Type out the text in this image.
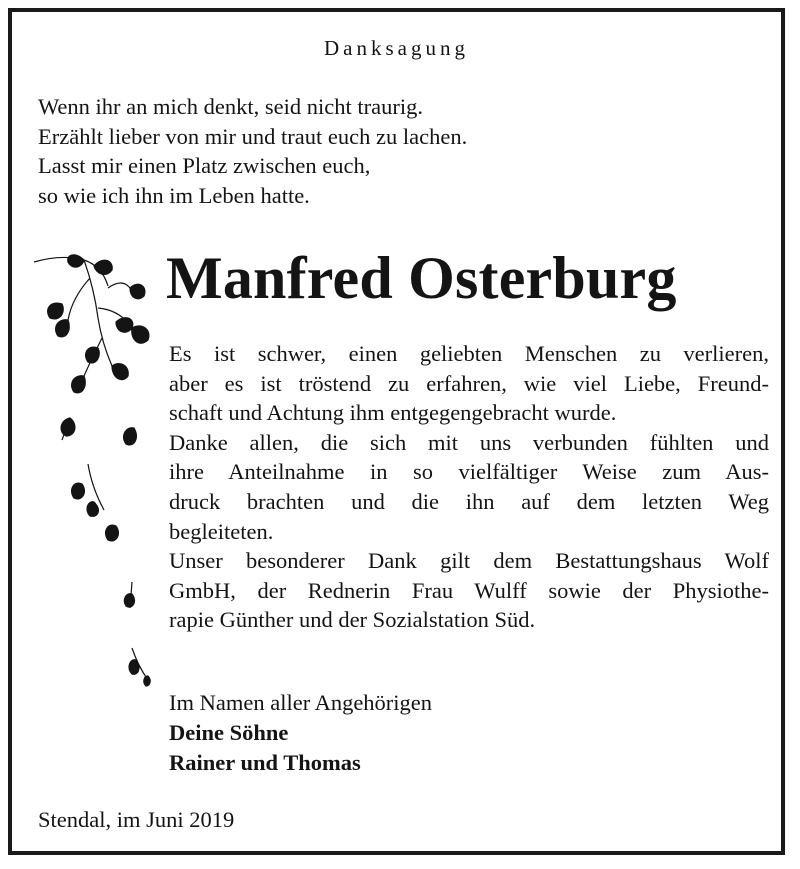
Danksagung
Wenn ihr an mich denkt, seid nicht traurig.
Erzählt lieber von mir und traut euch zu lachen.
Lasst mir einen Platz zwischen euch,
so wie ich ihn im Leben hatte.
Manfred Osterburg
Es ist schwer, einen geliebten Menschen zu verlieren,
aber es ist tröstend zu erfahren, wie viel Liebe, Freund-
schaft und Achtung ihm entgegengebracht wurde.
Danke allen, die sich mit uns verbunden fühlten und
ihre Anteilnahme in so vielfältiger Weise zum Aus-
druck brachten und die ihn auf dem letzten Weg
begleiteten.
Unser besonderer Dank gilt dem Bestattungshaus Wolf
GmbH, der Rednerin Frau Wulff sowie der Physiothe-
rapie Günther und der Sozialstation Süd.
Im Namen aller Angehörigen
Deine Söhne
Rainer und Thomas
Stendal, im Juni 2019
